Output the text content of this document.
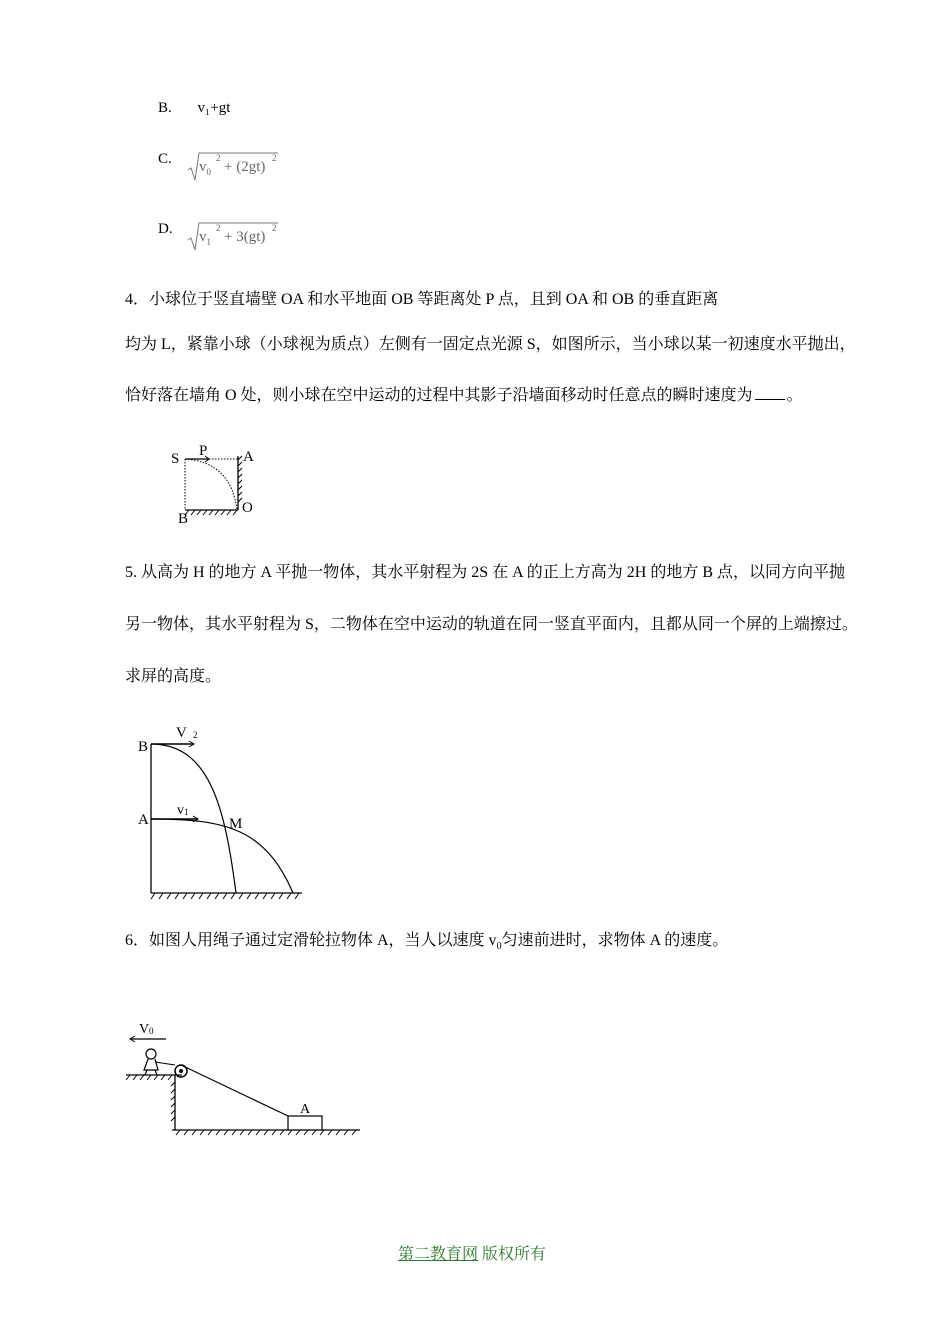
B. v₁+gt
C. $v_0$
2
+ (2gt)
2
D. $v_1$
2
+ 3(gt)
2
4．小球位于竖直墙壁 OA 和水平地面 OB 等距离处 P 点，且到 OA 和 OB 的垂直距离
均为 L，紧靠小球（小球视为质点）左侧有一固定点光源 S，如图所示，当小球以某一初速度水平抛出，
恰好落在墙角 O 处，则小球在空中运动的过程中其影子沿墙面移动时任意点的瞬时速度为 。
S P A
B
O
5. 从高为 H 的地方 A 平抛一物体，其水平射程为 2S 在 A 的正上方高为 2H 的地方 B 点，以同方向平抛
另一物体，其水平射程为 S，二物体在空中运动的轨道在同一竖直平面内，且都从同一个屏的上端擦过。
求屏的高度。
B
V 2
A
v 1
M
6．如图人用绳子通过定滑轮拉物体 A，当人以速度 $v_0$匀速前进时，求物体 A 的速度。
A
V 0
第二教育网 版权所有
